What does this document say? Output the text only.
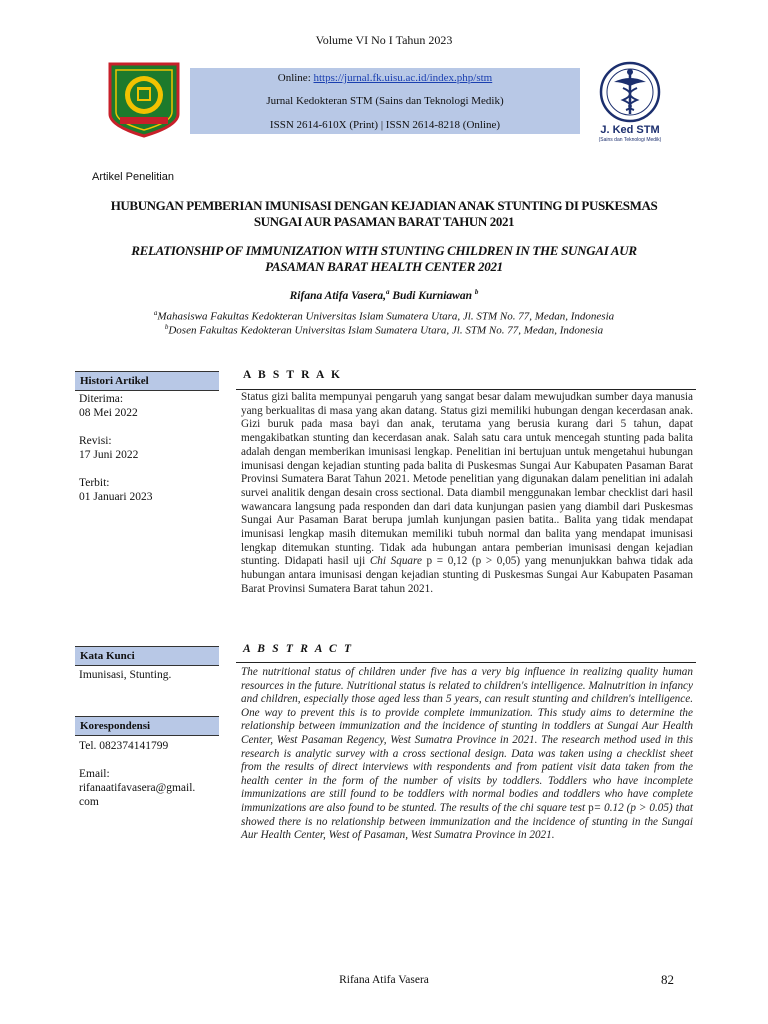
Volume VI No I Tahun 2023
Online: https://jurnal.fk.uisu.ac.id/index.php/stm
Jurnal Kedokteran STM (Sains dan Teknologi Medik)
ISSN 2614-610X (Print) | ISSN 2614-8218 (Online)	J. Ked STM
(Sains dan Teknologi Medik)
Artikel Penelitian
HUBUNGAN PEMBERIAN IMUNISASI DENGAN KEJADIAN ANAK STUNTING DI PUSKESMAS
SUNGAI AUR PASAMAN BARAT TAHUN 2021
RELATIONSHIP OF IMMUNIZATION WITH STUNTING CHILDREN IN THE SUNGAI AUR
PASAMAN BARAT HEALTH CENTER 2021
Rifana Atifa Vasera,$^a$ Budi Kurniawan $^b$
$^a$Mahasiswa Fakultas Kedokteran Universitas Islam Sumatera Utara, Jl. STM No. 77, Medan, Indonesia
$^b$Dosen Fakultas Kedokteran Universitas Islam Sumatera Utara, Jl. STM No. 77, Medan, Indonesia
Histori Artikel
Diterima:
08 Mei 2022
Revisi:
17 Juni 2022
Terbit:
01 Januari 2023
Kata Kunci
Imunisasi, Stunting.
Korespondensi
Tel. 082374141799
Email:
rifanaatifavasera@gmail.
com
A B S T R A K
Status gizi balita mempunyai pengaruh yang sangat besar dalam mewujudkan sumber daya manusia yang berkualitas di masa yang akan datang. Status gizi memiliki hubungan dengan kecerdasan anak. Gizi buruk pada masa bayi dan anak, terutama yang berusia kurang dari 5 tahun, dapat mengakibatkan stunting dan kecerdasan anak. Salah satu cara untuk mencegah stunting pada balita adalah dengan memberikan imunisasi lengkap. Penelitian ini bertujuan untuk mengetahui hubungan imunisasi dengan kejadian stunting pada balita di Puskesmas Sungai Aur Kabupaten Pasaman Barat Provinsi Sumatera Barat Tahun 2021. Metode penelitian yang digunakan dalam penelitian ini adalah survei analitik dengan desain cross sectional. Data diambil menggunakan lembar checklist dari hasil wawancara langsung pada responden dan dari data kunjungan pasien yang diambil dari Puskesmas Sungai Aur Pasaman Barat berupa jumlah kunjungan pasien batita.. Balita yang tidak mendapat imunisasi lengkap masih ditemukan memiliki tubuh normal dan balita yang mendapat imunisasi lengkap ditemukan stunting. Tidak ada hubungan antara pemberian imunisasi dengan kejadian stunting. Didapati hasil uji Chi Square p = 0,12 (p > 0,05) yang menunjukkan bahwa tidak ada hubungan antara imunisasi dengan kejadian stunting di Puskesmas Sungai Aur Kabupaten Pasaman Barat Provinsi Sumatera Barat tahun 2021.
A B S T R A C T
The nutritional status of children under five has a very big influence in realizing quality human resources in the future. Nutritional status is related to children's intelligence. Malnutrition in infancy and children, especially those aged less than 5 years, can result stunting and children's intelligence. One way to prevent this is to provide complete immunization. This study aims to determine the relationship between immunization and the incidence of stunting in toddlers at Sungai Aur Health Center, West Pasaman Regency, West Sumatra Province in 2021. The research method used in this research is analytic survey with a cross sectional design. Data was taken using a checklist sheet from the results of direct interviews with respondents and from patient visit data taken from the health center in the form of the number of visits by toddlers. Toddlers who have incomplete immunizations are still found to be toddlers with normal bodies and toddlers who have complete immunizations are also found to be stunted. The results of the chi square test p= 0.12 (p > 0.05) that showed there is no relationship between immunization and the incidence of stunting in the Sungai Aur Health Center, West of Pasaman, West Sumatra Province in 2021.
Rifana Atifa Vasera	82
